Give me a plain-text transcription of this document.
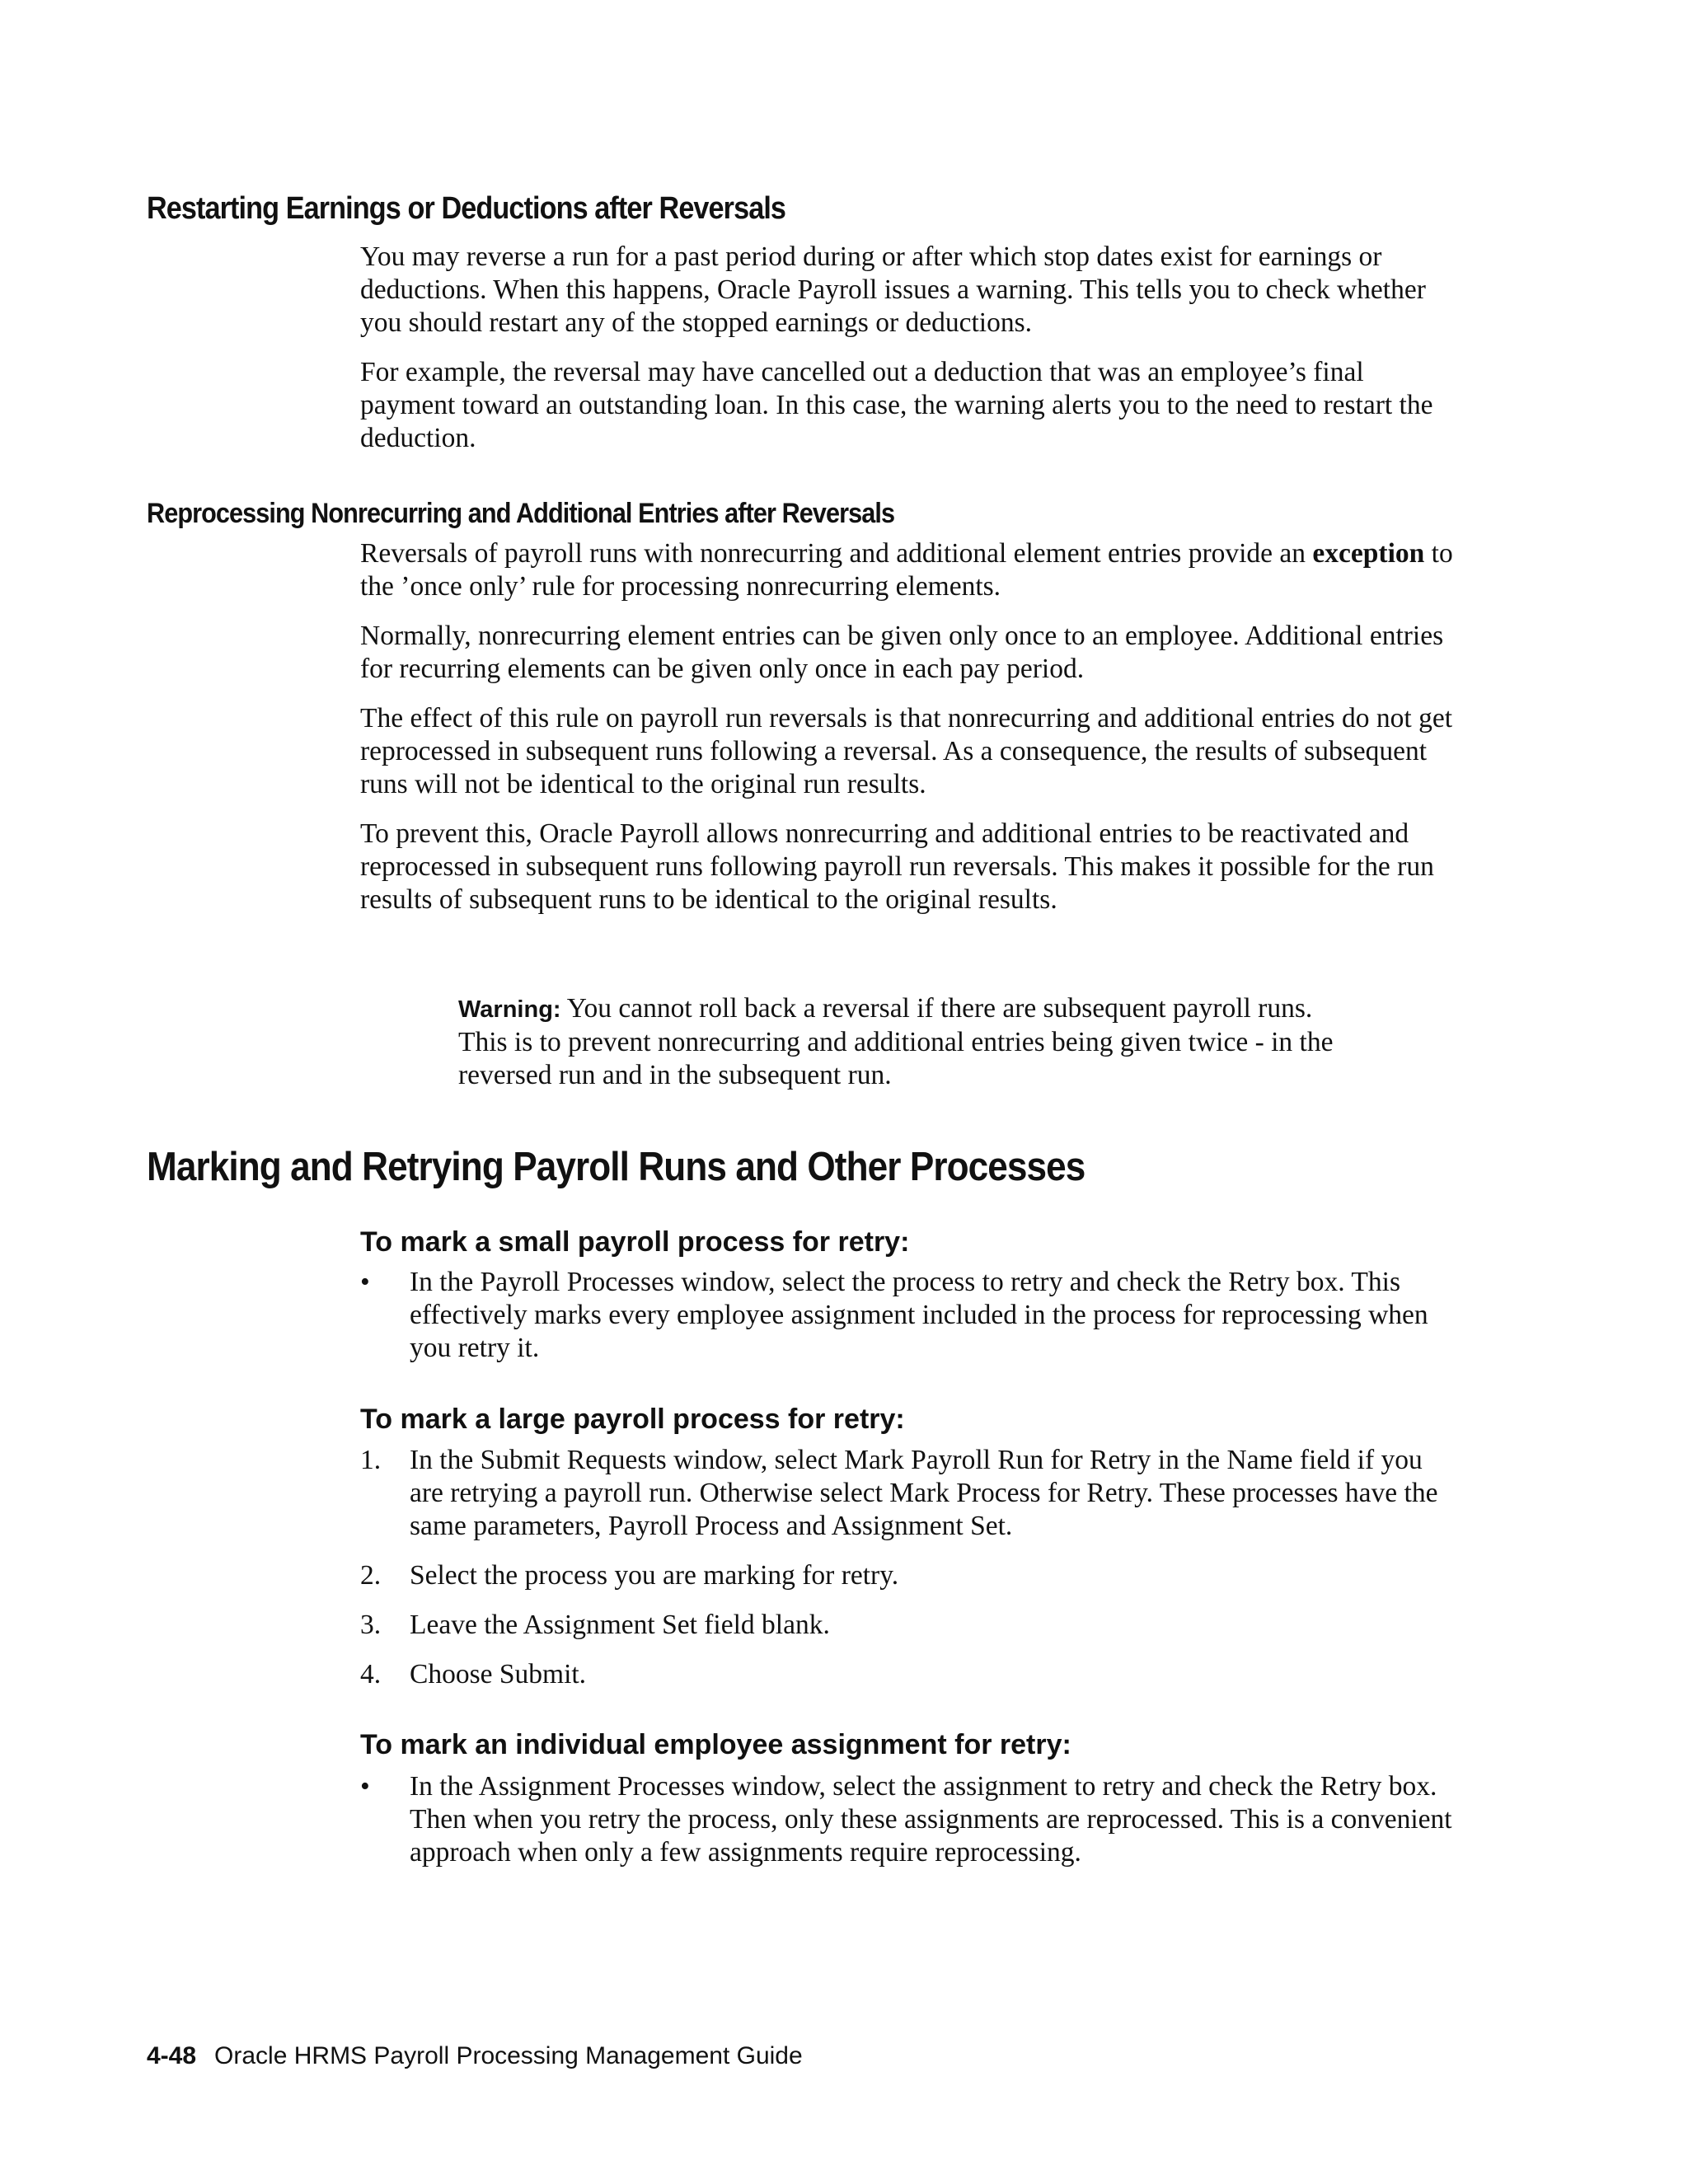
Restarting Earnings or Deductions after Reversals

You may reverse a run for a past period during or after which stop dates exist for earnings or deductions. When this happens, Oracle Payroll issues a warning. This tells you to check whether you should restart any of the stopped earnings or deductions.

For example, the reversal may have cancelled out a deduction that was an employee’s final payment toward an outstanding loan. In this case, the warning alerts you to the need to restart the deduction.

Reprocessing Nonrecurring and Additional Entries after Reversals

Reversals of payroll runs with nonrecurring and additional element entries provide an exception to the ’once only’ rule for processing nonrecurring elements.

Normally, nonrecurring element entries can be given only once to an employee. Additional entries for recurring elements can be given only once in each pay period.

The effect of this rule on payroll run reversals is that nonrecurring and additional entries do not get reprocessed in subsequent runs following a reversal. As a consequence, the results of subsequent runs will not be identical to the original run results.

To prevent this, Oracle Payroll allows nonrecurring and additional entries to be reactivated and reprocessed in subsequent runs following payroll run reversals. This makes it possible for the run results of subsequent runs to be identical to the original results.

Warning: You cannot roll back a reversal if there are subsequent payroll runs. This is to prevent nonrecurring and additional entries being given twice - in the reversed run and in the subsequent run.

Marking and Retrying Payroll Runs and Other Processes
To mark a small payroll process for retry:
•	In the Payroll Processes window, select the process to retry and check the Retry box. This effectively marks every employee assignment included in the process for reprocessing when you retry it.
To mark a large payroll process for retry:
1.	In the Submit Requests window, select Mark Payroll Run for Retry in the Name field if you are retrying a payroll run. Otherwise select Mark Process for Retry. These processes have the same parameters, Payroll Process and Assignment Set.
2.	Select the process you are marking for retry.
3.	Leave the Assignment Set field blank.
4.	Choose Submit.
To mark an individual employee assignment for retry:
•	In the Assignment Processes window, select the assignment to retry and check the Retry box. Then when you retry the process, only these assignments are reprocessed. This is a convenient approach when only a few assignments require reprocessing.
4-48 Oracle HRMS Payroll Processing Management Guide
